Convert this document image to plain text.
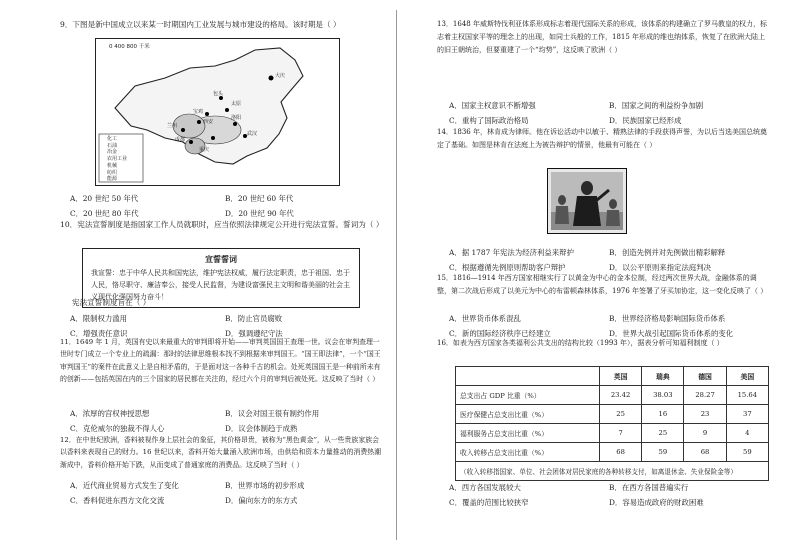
9．下图是新中国成立以来某一时期国内工业发展与城市建设的格局。该时期是（ ）
0 400 800 千米
大庆
兰州
宝鸡
西安
洛阳
武汉
包头
太原
成都
重庆
化工
石油
冶金
农用工业
机械
纺织
能源
A．20 世纪 50 年代	B．20 世纪 60 年代
C．20 世纪 80 年代	D．20 世纪 90 年代
10．宪法宣誓制度是指国家工作人员就职时，应当依照法律规定公开进行宪法宣誓。誓词为（ ）
宣誓誓词
我宣誓：忠于中华人民共和国宪法，维护宪法权威，履行法定职责，忠于祖国、忠于人民，恪尽职守、廉洁奉公，接受人民监督，为建设富强民主文明和谐美丽的社会主义现代化强国努力奋斗！
宪法宣誓制度旨在（ ）
A．限制权力滥用	B．防止官员腐败
C．增强责任意识	D．强调遵纪守法
11．1649 年 1 月，英国有史以来最重大的审判即将开始——审判英国国王查理一世。议会在审判查理一世时专门成立一个专业上的疏漏：那时的法律思维根本找不到根据来审判国王。“国王即法律”，一个“国王审判国王”的案件在此意义上是自相矛盾的，于是面对这一各种千古的机会。处死英国国王是一种前所未有的创新——包括英国在内的三个国家的居民都在关注的，经过六个月的审判后被处死。这反映了当时（ ）
A．浓厚的宫权神授思想	B．议会对国王很有制约作用
C．克伦威尔的独裁不得人心	D．议会体制趋于成熟
12．在中世纪欧洲，香料被视作身上层社会的象征，其价格昂贵，被称为“黑色黄金”，从一些贵族家族会以香料来表现自己的财力。16 世纪以来，香料开始大量涌入欧洲市场，由供给和资本力量推动的消费热潮渐成中，香料价格开始下跌，从而变成了普通家庭的消费品。这反映了当时（ ）
A．近代商业贸易方式发生了变化	B．世界市场的初步形成
C．香料促进东西方文化交流	D．偏向东方的东方式
13．1648 年威斯特伐利亚体系形成标志着现代国际关系的形成，该体系的构建确立了罗马教皇的权力，标志着主权国家平等的理念上的出现，如同士兵般的工作，1815 年形成的维也纳体系，恢复了在欧洲大陆上的旧王朝统治，但要重建了一个“均势”，这反映了欧洲（ ）
A．国家主权意识不断增强	B．国家之间的利益纷争加剧
C．重构了国际政治格局	D．民族国家已经形成
14．1836 年，林肯成为律师。他在诉讼活动中以敏于、精熟法律的手段获得声誉，为以后当选美国总统奠定了基础。如图是林肯在法庭上为被告辩护的情景，他最有可能在（ ）
A．据 1787 年宪法为经济利益来辩护	B．创造先例并对先例做出精彩解释
C．根据遵循先例原则帮助客户辩护	D．以公平原则来指定法庭判决
15．1816—1914 年西方国家相继实行了以黄金为中心的金本位制，经过两次世界大战，金融体系的调整，第二次战后形成了以美元为中心的布雷顿森林体系，1976 年签署了牙买加协定，这一变化反映了（ ）
A．世界货币体系混乱	B．世界经济格局影响国际货币体系
C．新的国际经济秩序已经建立	D．世界大战引起国际货币体系的变化
16．如表为西方国家各类福利公共支出的结构比较（1993 年），据表分析可知福利制度（ ）
	英国	瑞典	德国	美国
总支出占 GDP 比重（%）	23.42	38.03	28.27	15.64
医疗保健占总支出比重（%）	25	16	23	37
福利服务占总支出比重（%）	7	25	9	4
收入转移占总支出比重（%）	68	59	68	59
（收入转移指国家、单位、社会团体对居民家庭的各种转移支付，如离退休金、失业保险金等）				
A．西方各国发展较大	B．在西方各国普遍实行
C．覆盖的范围比较狭窄	D．容易造成政府的财政困难
